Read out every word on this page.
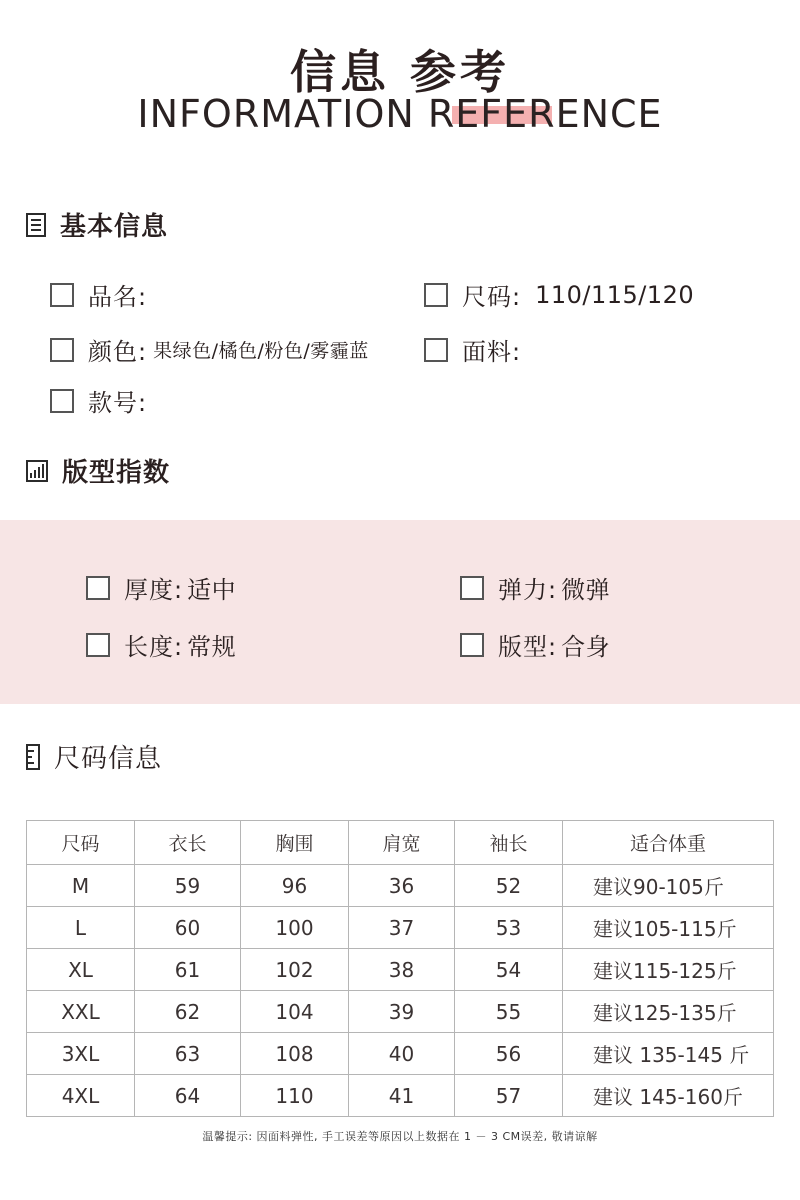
信息 参考
INFORMATION REFERENCE
基本信息
品名:	尺码: 110/115/120
颜色: 果绿色/橘色/粉色/雾霾蓝	面料:
款号:
版型指数
厚度: 适中	弹力: 微弹
长度: 常规	版型: 合身
尺码信息
尺码	衣长	胸围	肩宽	袖长	适合体重
M	59	96	36	52	建议90-105斤
L	60	100	37	53	建议105-115斤
XL	61	102	38	54	建议115-125斤
XXL	62	104	39	55	建议125-135斤
3XL	63	108	40	56	建议 135-145 斤
4XL	64	110	41	57	建议 145-160斤
温馨提示: 因面料弹性, 手工误差等原因以上数据在 1 － 3 CM误差, 敬请谅解
